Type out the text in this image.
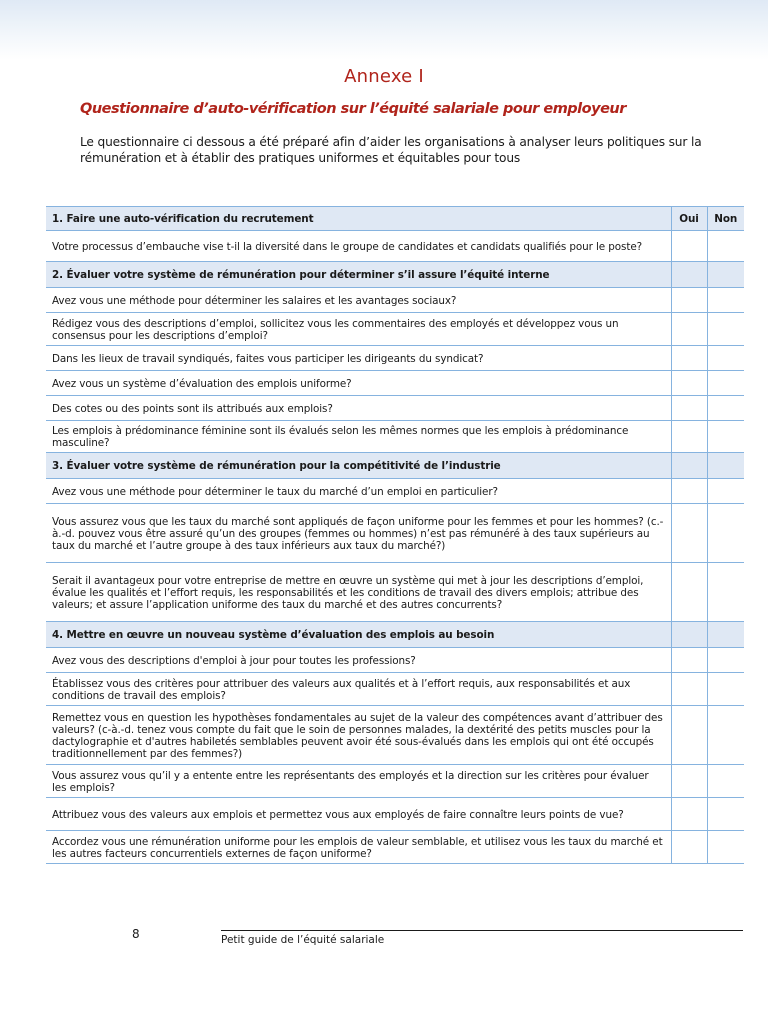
Annexe I
Questionnaire d’auto-vérification sur l’équité salariale pour employeur
Le questionnaire ci dessous a été préparé afin d’aider les organisations à analyser leurs politiques sur la rémunération et à établir des pratiques uniformes et équitables pour tous
1. Faire une auto-vérification du recrutement	Oui	Non
Votre processus d’embauche vise t-il la diversité dans le groupe de candidates et candidats qualifiés pour le poste?		
2. Évaluer votre système de rémunération pour déterminer s’il assure l’équité interne		
Avez vous une méthode pour déterminer les salaires et les avantages sociaux?		
Rédigez vous des descriptions d’emploi, sollicitez vous les commentaires des employés et développez vous un consensus pour les descriptions d’emploi?		
Dans les lieux de travail syndiqués, faites vous participer les dirigeants du syndicat?		
Avez vous un système d’évaluation des emplois uniforme?		
Des cotes ou des points sont ils attribués aux emplois?		
Les emplois à prédominance féminine sont ils évalués selon les mêmes normes que les emplois à prédominance masculine?		
3. Évaluer votre système de rémunération pour la compétitivité de l’industrie		
Avez vous une méthode pour déterminer le taux du marché d’un emploi en particulier?		
Vous assurez vous que les taux du marché sont appliqués de façon uniforme pour les femmes et pour les hommes? (c.-à.-d. pouvez vous être assuré qu’un des groupes (femmes ou hommes) n’est pas rémunéré à des taux supérieurs au taux du marché et l’autre groupe à des taux inférieurs aux taux du marché?)		
Serait il avantageux pour votre entreprise de mettre en œuvre un système qui met à jour les descriptions d’emploi, évalue les qualités et l’effort requis, les responsabilités et les conditions de travail des divers emplois; attribue des valeurs; et assure l’application uniforme des taux du marché et des autres concurrents?		
4. Mettre en œuvre un nouveau système d’évaluation des emplois au besoin		
Avez vous des descriptions d'emploi à jour pour toutes les professions?		
Établissez vous des critères pour attribuer des valeurs aux qualités et à l’effort requis, aux responsabilités et aux conditions de travail des emplois?		
Remettez vous en question les hypothèses fondamentales au sujet de la valeur des compétences avant d’attribuer des valeurs? (c-à.-d. tenez vous compte du fait que le soin de personnes malades, la dextérité des petits muscles pour la dactylographie et d'autres habiletés semblables peuvent avoir été sous-évalués dans les emplois qui ont été occupés traditionnellement par des femmes?)		
Vous assurez vous qu’il y a entente entre les représentants des employés et la direction sur les critères pour évaluer les emplois?		
Attribuez vous des valeurs aux emplois et permettez vous aux employés de faire connaître leurs points de vue?		
Accordez vous une rémunération uniforme pour les emplois de valeur semblable, et utilisez vous les taux du marché et les autres facteurs concurrentiels externes de façon uniforme?		
8	Petit guide de l’équité salariale
